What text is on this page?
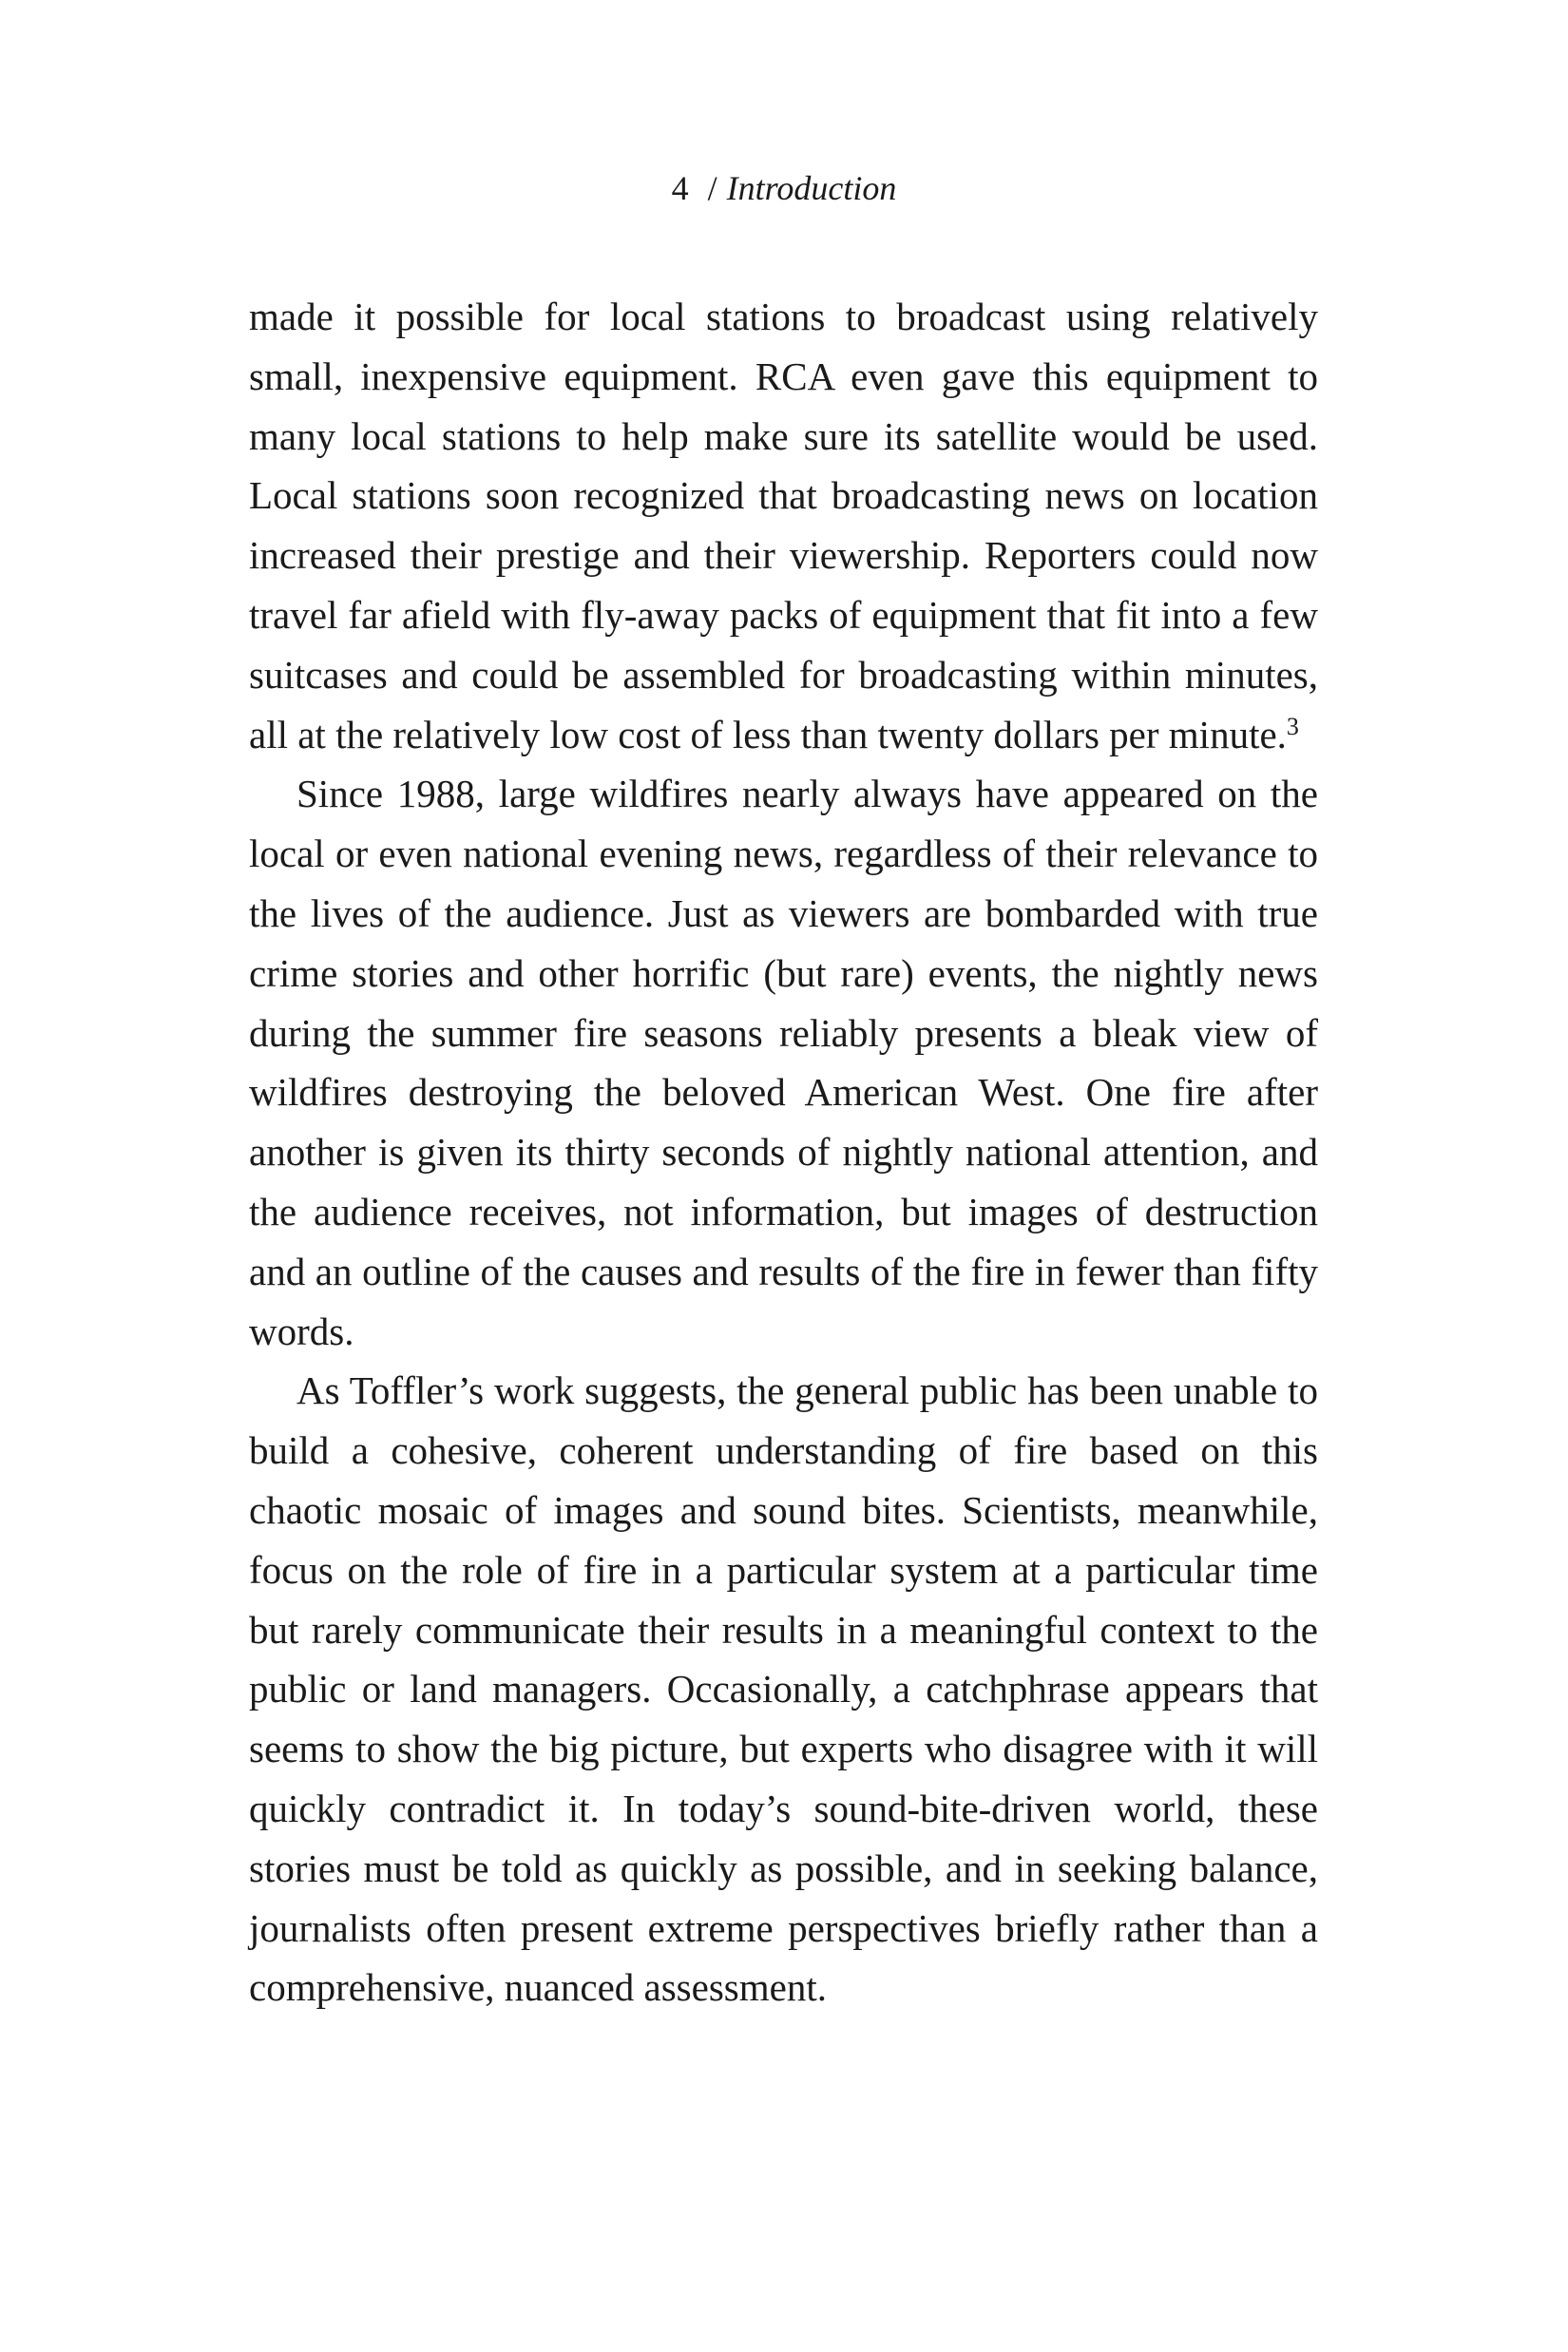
4 / Introduction

made it possible for local stations to broadcast using relatively small, inexpensive equipment. RCA even gave this equipment to many local stations to help make sure its satellite would be used. Local stations soon recognized that broadcasting news on location increased their prestige and their viewership. Reporters could now travel far afield with fly-away packs of equipment that fit into a few suitcases and could be assembled for broadcasting within minutes, all at the relatively low cost of less than twenty dollars per minute.$^3$

Since 1988, large wildfires nearly always have appeared on the local or even national evening news, regardless of their relevance to the lives of the audience. Just as viewers are bombarded with true crime stories and other horrific (but rare) events, the nightly news during the summer fire seasons reliably presents a bleak view of wildfires destroying the beloved American West. One fire after another is given its thirty seconds of nightly national attention, and the audience receives, not information, but images of destruction and an outline of the causes and results of the fire in fewer than fifty words.

As Toffler’s work suggests, the general public has been unable to build a cohesive, coherent understanding of fire based on this chaotic mosaic of images and sound bites. Scientists, meanwhile, focus on the role of fire in a particular system at a particular time but rarely communicate their results in a meaningful context to the public or land managers. Occasionally, a catchphrase appears that seems to show the big picture, but experts who disagree with it will quickly contradict it. In today’s sound-bite-driven world, these stories must be told as quickly as possible, and in seeking balance, journalists often present extreme perspectives briefly rather than a comprehensive, nuanced assessment.
